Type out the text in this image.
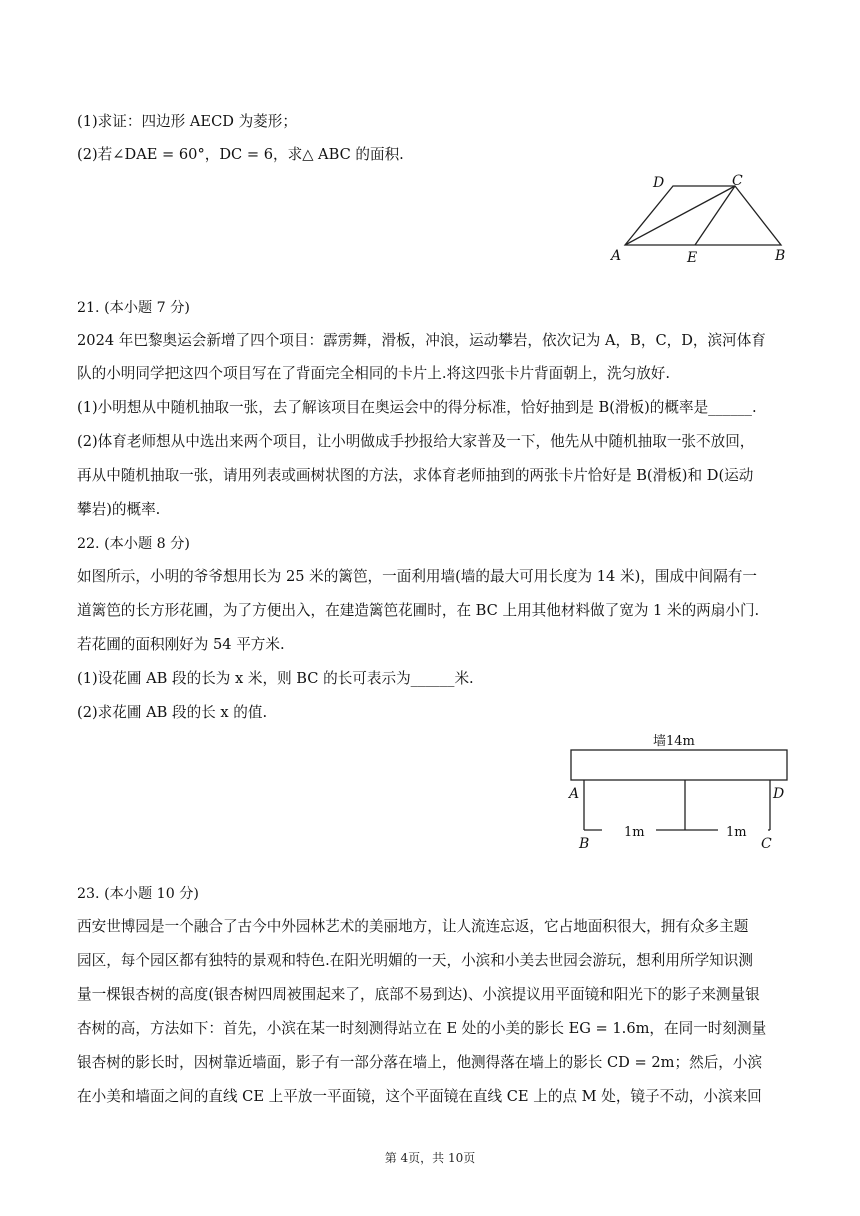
(1)求证：四边形 AECD 为菱形；
(2)若∠DAE = 60°，DC = 6，求△ ABC 的面积.
D	C
A	E	B
21. (本小题 7 分)
2024 年巴黎奥运会新增了四个项目：霹雳舞，滑板，冲浪，运动攀岩，依次记为 A，B，C，D，滨河体育
队的小明同学把这四个项目写在了背面完全相同的卡片上.将这四张卡片背面朝上，洗匀放好.
(1)小明想从中随机抽取一张，去了解该项目在奥运会中的得分标准，恰好抽到是 B(滑板)的概率是______.
(2)体育老师想从中选出来两个项目，让小明做成手抄报给大家普及一下，他先从中随机抽取一张不放回，
再从中随机抽取一张，请用列表或画树状图的方法，求体育老师抽到的两张卡片恰好是 B(滑板)和 D(运动
攀岩)的概率.
22. (本小题 8 分)
如图所示，小明的爷爷想用长为 25 米的篱笆，一面利用墙(墙的最大可用长度为 14 米)，围成中间隔有一
道篱笆的长方形花圃，为了方便出入，在建造篱笆花圃时，在 BC 上用其他材料做了宽为 1 米的两扇小门.
若花圃的面积刚好为 54 平方米.
(1)设花圃 AB 段的长为 x 米，则 BC 的长可表示为______米.
(2)求花圃 AB 段的长 x 的值.
墙14m
A	D
B	C
1m	1m
23. (本小题 10 分)
西安世博园是一个融合了古今中外园林艺术的美丽地方，让人流连忘返，它占地面积很大，拥有众多主题
园区，每个园区都有独特的景观和特色.在阳光明媚的一天，小滨和小美去世园会游玩，想利用所学知识测
量一棵银杏树的高度(银杏树四周被围起来了，底部不易到达)、小滨提议用平面镜和阳光下的影子来测量银
杏树的高，方法如下：首先，小滨在某一时刻测得站立在 E 处的小美的影长 EG = 1.6m，在同一时刻测量
银杏树的影长时，因树靠近墙面，影子有一部分落在墙上，他测得落在墙上的影长 CD = 2m；然后，小滨
在小美和墙面之间的直线 CE 上平放一平面镜，这个平面镜在直线 CE 上的点 M 处，镜子不动，小滨来回
第 4页，共 10页
